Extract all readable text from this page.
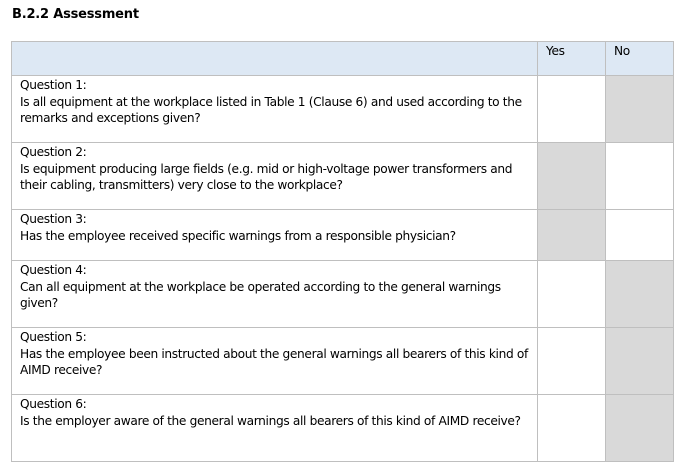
B.2.2 Assessment
	Yes	No

Question 1:
Is all equipment at the workplace listed in Table 1 (Clause 6) and used according to the remarks and exceptions given?		

Question 2:
Is equipment producing large fields (e.g. mid or high-voltage power transformers and their cabling, transmitters) very close to the workplace?		

Question 3:
Has the employee received specific warnings from a responsible physician?		

Question 4:
Can all equipment at the workplace be operated according to the general warnings given?		

Question 5:
Has the employee been instructed about the general warnings all bearers of this kind of AIMD receive?		

Question 6:
Is the employer aware of the general warnings all bearers of this kind of AIMD receive?		
